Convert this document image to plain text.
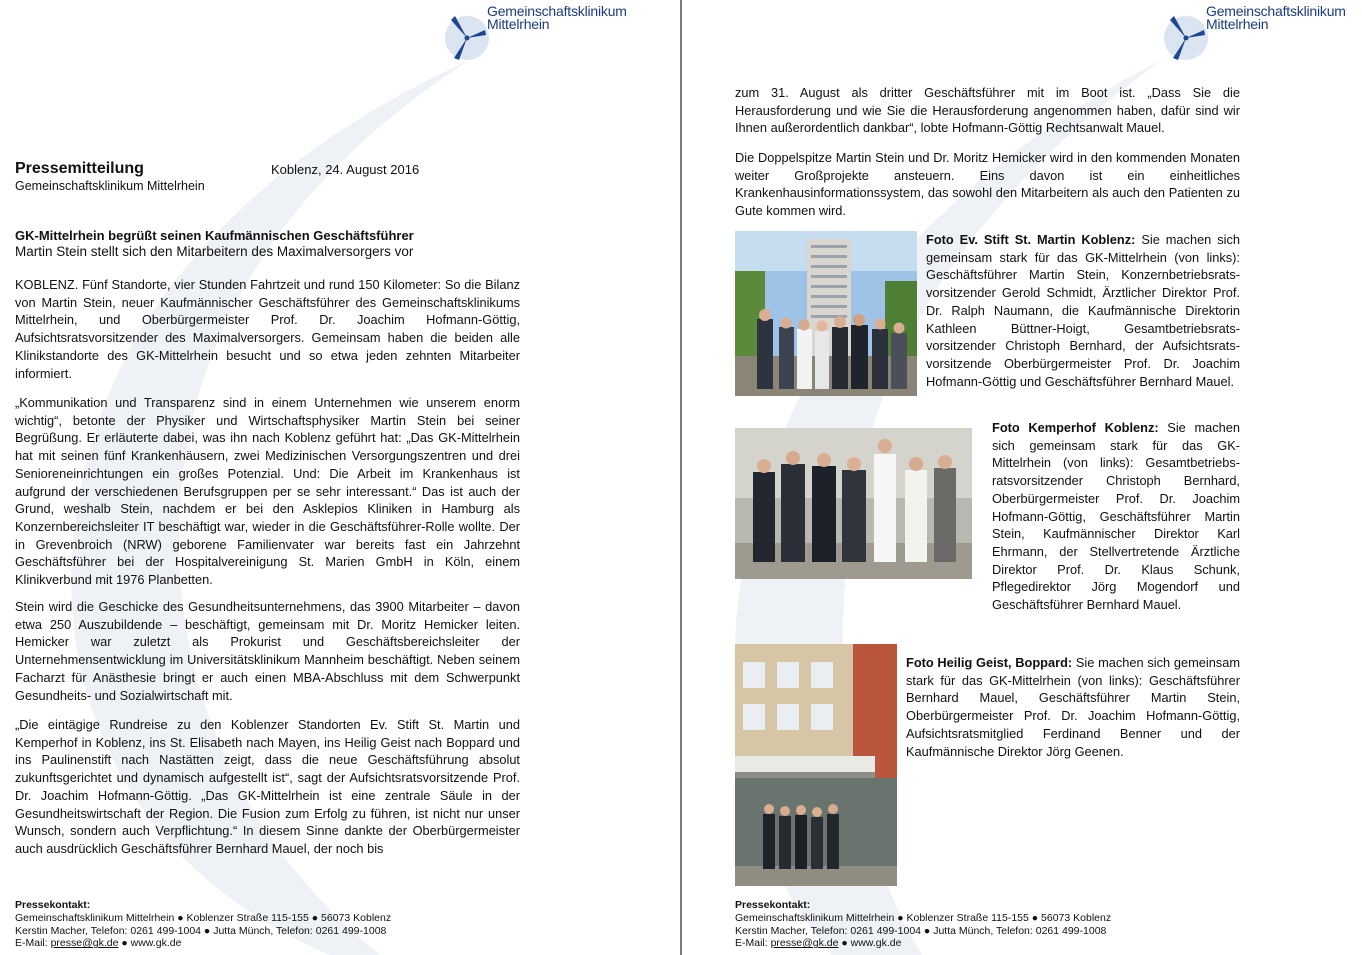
Gemeinschaftsklinikum
Mittelrhein
Pressemitteilung
Gemeinschaftsklinikum Mittelrhein
Koblenz, 24. August 2016
GK-Mittelrhein begrüßt seinen Kaufmännischen Geschäftsführer
Martin Stein stellt sich den Mitarbeitern des Maximalversorgers vor

KOBLENZ. Fünf Standorte, vier Stunden Fahrtzeit und rund 150 Kilometer: So die Bilanz von Martin Stein, neuer Kaufmännischer Geschäftsführer des Gemeinschaftsklinikums Mittelrhein, und Oberbürgermeister Prof. Dr. Joachim Hofmann-Göttig, Aufsichtsratsvorsitzender des Maximalversorgers. Gemeinsam haben die beiden alle Klinikstandorte des GK-Mittelrhein besucht und so etwa jeden zehnten Mitarbeiter informiert.

„Kommunikation und Transparenz sind in einem Unternehmen wie unserem enorm wichtig“, betonte der Physiker und Wirtschaftsphysiker Martin Stein bei seiner Begrüßung. Er erläuterte dabei, was ihn nach Koblenz geführt hat: „Das GK-Mittelrhein hat mit seinen fünf Krankenhäusern, zwei Medizinischen Versorgungszentren und drei Senioreneinrichtungen ein großes Potenzial. Und: Die Arbeit im Krankenhaus ist aufgrund der verschiedenen Berufsgruppen per se sehr interessant.“ Das ist auch der Grund, weshalb Stein, nachdem er bei den Asklepios Kliniken in Hamburg als Konzernbereichsleiter IT beschäftigt war, wieder in die Geschäftsführer-Rolle wollte. Der in Grevenbroich (NRW) geborene Familienvater war bereits fast ein Jahrzehnt Geschäftsführer bei der Hospitalvereinigung St. Marien GmbH in Köln, einem Klinikverbund mit 1976 Planbetten.

Stein wird die Geschicke des Gesundheitsunternehmens, das 3900 Mitarbeiter – davon etwa 250 Auszubildende – beschäftigt, gemeinsam mit Dr. Moritz Hemicker leiten. Hemicker war zuletzt als Prokurist und Geschäftsbereichsleiter der Unternehmensentwicklung im Universitätsklinikum Mannheim beschäftigt. Neben seinem Facharzt für Anästhesie bringt er auch einen MBA-Abschluss mit dem Schwerpunkt Gesundheits- und Sozialwirtschaft mit.

„Die eintägige Rundreise zu den Koblenzer Standorten Ev. Stift St. Martin und Kemperhof in Koblenz, ins St. Elisabeth nach Mayen, ins Heilig Geist nach Boppard und ins Paulinenstift nach Nastätten zeigt, dass die neue Geschäftsführung absolut zukunftsgerichtet und dynamisch aufgestellt ist“, sagt der Aufsichtsratsvorsitzende Prof. Dr. Joachim Hofmann-Göttig. „Das GK-Mittelrhein ist eine zentrale Säule in der Gesundheitswirtschaft der Region. Die Fusion zum Erfolg zu führen, ist nicht nur unser Wunsch, sondern auch Verpflichtung.“ In diesem Sinne dankte der Oberbürgermeister auch ausdrücklich Geschäftsführer Bernhard Mauel, der noch bis

Pressekontakt:
Gemeinschaftsklinikum Mittelrhein ● Koblenzer Straße 115-155 ● 56073 Koblenz
Kerstin Macher, Telefon: 0261 499-1004 ● Jutta Münch, Telefon: 0261 499-1008
E-Mail: presse@gk.de ● www.gk.de
Gemeinschaftsklinikum
Mittelrhein

zum 31. August als dritter Geschäftsführer mit im Boot ist. „Dass Sie die Herausforderung und wie Sie die Herausforderung angenommen haben, dafür sind wir Ihnen außerordentlich dankbar“, lobte Hofmann-Göttig Rechtsanwalt Mauel.

Die Doppelspitze Martin Stein und Dr. Moritz Hemicker wird in den kommenden Monaten weiter Großprojekte ansteuern. Eins davon ist ein einheitliches Krankenhausinformationssystem, das sowohl den Mitarbeitern als auch den Patienten zu Gute kommen wird.

Foto Ev. Stift St. Martin Koblenz: Sie machen sich gemeinsam stark für das GK-Mittelrhein (von links): Geschäftsführer Martin Stein, Konzernbetriebsrats-vorsitzender Gerold Schmidt, Ärztlicher Direktor Prof. Dr. Ralph Naumann, die Kaufmännische Direktorin Kathleen Büttner-Hoigt, Gesamtbetriebsrats-vorsitzender Christoph Bernhard, der Aufsichtsrats-vorsitzende Oberbürgermeister Prof. Dr. Joachim Hofmann-Göttig und Geschäftsführer Bernhard Mauel.

Foto Kemperhof Koblenz: Sie machen sich gemeinsam stark für das GK-Mittelrhein (von links): Gesamtbetriebs-ratsvorsitzender Christoph Bernhard, Oberbürgermeister Prof. Dr. Joachim Hofmann-Göttig, Geschäftsführer Martin Stein, Kaufmännischer Direktor Karl Ehrmann, der Stellvertretende Ärztliche Direktor Prof. Dr. Klaus Schunk, Pflegedirektor Jörg Mogendorf und Geschäftsführer Bernhard Mauel.

Foto Heilig Geist, Boppard: Sie machen sich gemeinsam stark für das GK-Mittelrhein (von links): Geschäftsführer Bernhard Mauel, Geschäftsführer Martin Stein, Oberbürgermeister Prof. Dr. Joachim Hofmann-Göttig, Aufsichtsratsmitglied Ferdinand Benner und der Kaufmännische Direktor Jörg Geenen.

Pressekontakt:
Gemeinschaftsklinikum Mittelrhein ● Koblenzer Straße 115-155 ● 56073 Koblenz
Kerstin Macher, Telefon: 0261 499-1004 ● Jutta Münch, Telefon: 0261 499-1008
E-Mail: presse@gk.de ● www.gk.de
